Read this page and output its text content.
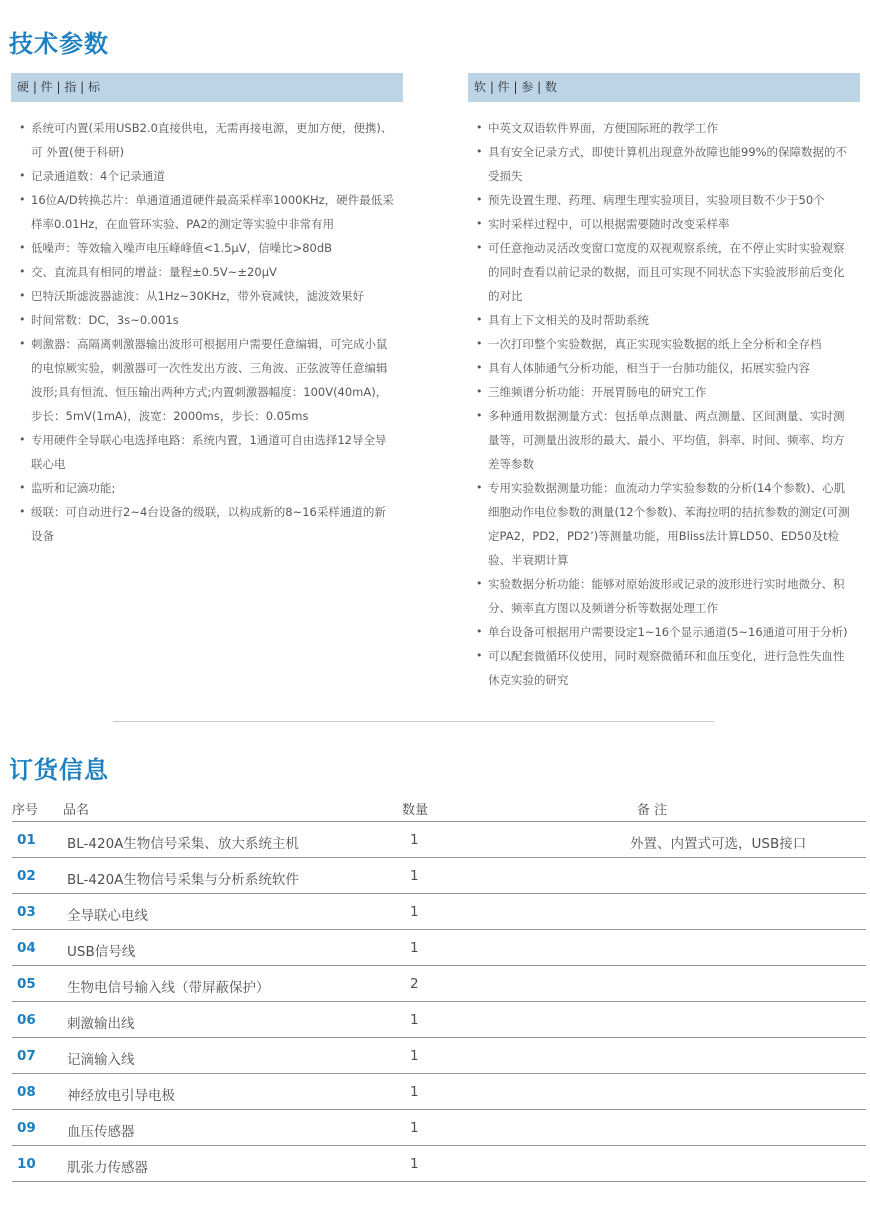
技术参数
硬 | 件 | 指 | 标
• 系统可内置(采用USB2.0直接供电，无需再接电源，更加方便，便携)、可 外置(便于科研)
• 记录通道数：4个记录通道
• 16位A/D转换芯片：单通道通道硬件最高采样率1000KHz，硬件最低采样率0.01Hz，在血管环实验、PA2的测定等实验中非常有用
• 低噪声：等效输入噪声电压峰峰值<1.5μV，信噪比>80dB
• 交、直流具有相同的增益：量程±0.5V~±20μV
• 巴特沃斯滤波器滤波：从1Hz~30KHz，带外衰减快，滤波效果好
• 时间常数：DC，3s~0.001s
• 刺激器：高隔离刺激器输出波形可根据用户需要任意编辑，可完成小鼠的电惊厥实验，刺激器可一次性发出方波、三角波、正弦波等任意编辑波形;具有恒流、恒压输出两种方式;内置刺激器幅度：100V(40mA)，步长：5mV(1mA)，波宽：2000ms，步长：0.05ms
• 专用硬件全导联心电选择电路：系统内置，1通道可自由选择12导全导联心电
• 监听和记滴功能;
• 级联：可自动进行2~4台设备的级联，以构成新的8~16采样通道的新设备
软 | 件 | 参 | 数
• 中英文双语软件界面，方便国际班的教学工作
• 具有安全记录方式，即使计算机出现意外故障也能99%的保障数据的不受损失
• 预先设置生理、药理、病理生理实验项目，实验项目数不少于50个
• 实时采样过程中，可以根据需要随时改变采样率
• 可任意拖动灵活改变窗口宽度的双视观察系统，在不停止实时实验观察的同时查看以前记录的数据，而且可实现不同状态下实验波形前后变化的对比
• 具有上下文相关的及时帮助系统
• 一次打印整个实验数据，真正实现实验数据的纸上全分析和全存档
• 具有人体肺通气分析功能，相当于一台肺功能仪，拓展实验内容
• 三维频谱分析功能：开展胃肠电的研究工作
• 多种通用数据测量方式：包括单点测量、两点测量、区间测量、实时测量等，可测量出波形的最大、最小、平均值，斜率、时间、频率、均方差等参数
• 专用实验数据测量功能：血流动力学实验参数的分析(14个参数)、心肌细胞动作电位参数的测量(12个参数)、苯海拉明的拮抗参数的测定(可测定PA2，PD2，PD2’)等测量功能，用Bliss法计算LD50、ED50及t检验、半衰期计算
• 实验数据分析功能：能够对原始波形或记录的波形进行实时地微分、积分、频率直方图以及频谱分析等数据处理工作
• 单台设备可根据用户需要设定1~16个显示通道(5~16通道可用于分析)
• 可以配套微循环仪使用，同时观察微循环和血压变化，进行急性失血性休克实验的研究
订货信息
序号 品名	数量	备 注
01 BL-420A生物信号采集、放大系统主机	1	外置、内置式可选，USB接口
02 BL-420A生物信号采集与分析系统软件	1
03 全导联心电线	1
04 USB信号线	1
05 生物电信号输入线（带屏蔽保护）	2
06 刺激输出线	1
07 记滴输入线	1
08 神经放电引导电极	1
09 血压传感器	1
10 肌张力传感器	1
